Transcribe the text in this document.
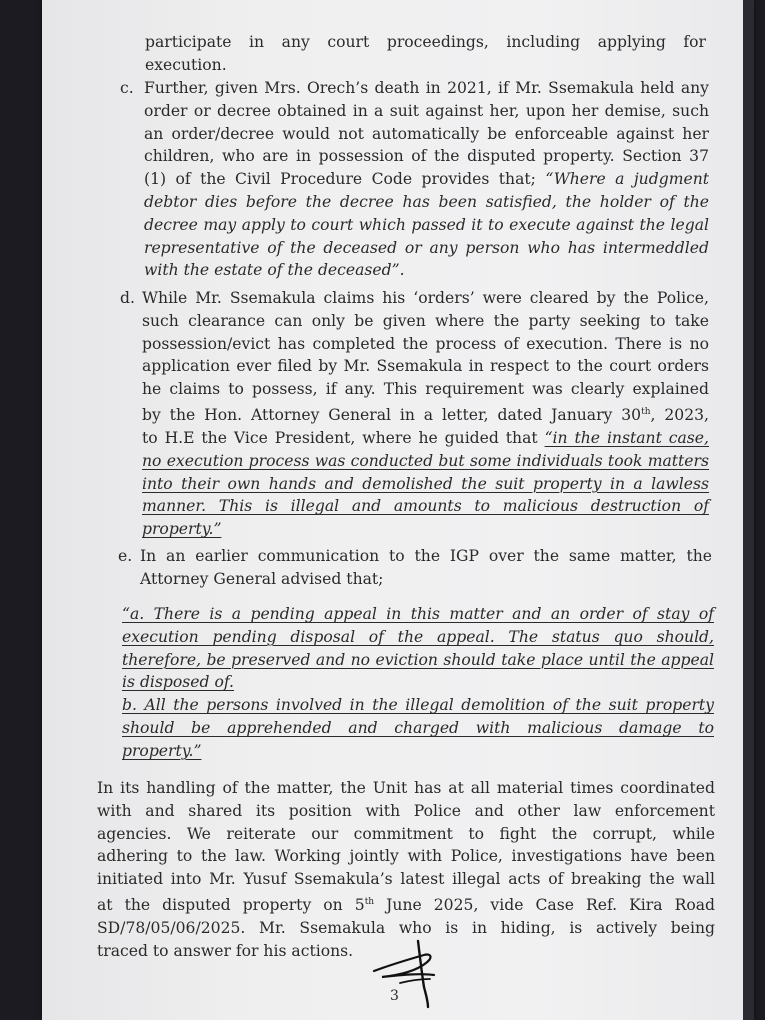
participate in any court proceedings, including applying for
execution.
c. Further, given Mrs. Orech’s death in 2021, if Mr. Ssemakula held any
order or decree obtained in a suit against her, upon her demise, such
an order/decree would not automatically be enforceable against her
children, who are in possession of the disputed property. Section 37
(1) of the Civil Procedure Code provides that; “Where a judgment
debtor dies before the decree has been satisfied, the holder of the
decree may apply to court which passed it to execute against the legal
representative of the deceased or any person who has intermeddled
with the estate of the deceased”.
d. While Mr. Ssemakula claims his ‘orders’ were cleared by the Police,
such clearance can only be given where the party seeking to take
possession/evict has completed the process of execution. There is no
application ever filed by Mr. Ssemakula in respect to the court orders
he claims to possess, if any. This requirement was clearly explained
by the Hon. Attorney General in a letter, dated January 30th, 2023,
to H.E the Vice President, where he guided that “in the instant case,
no execution process was conducted but some individuals took matters
into their own hands and demolished the suit property in a lawless
manner. This is illegal and amounts to malicious destruction of
property.”
e. In an earlier communication to the IGP over the same matter, the
Attorney General advised that;
“a. There is a pending appeal in this matter and an order of stay of
execution pending disposal of the appeal. The status quo should,
therefore, be preserved and no eviction should take place until the appeal
is disposed of.
b. All the persons involved in the illegal demolition of the suit property
should be apprehended and charged with malicious damage to
property.”
In its handling of the matter, the Unit has at all material times coordinated
with and shared its position with Police and other law enforcement
agencies. We reiterate our commitment to fight the corrupt, while
adhering to the law. Working jointly with Police, investigations have been
initiated into Mr. Yusuf Ssemakula’s latest illegal acts of breaking the wall
at the disputed property on 5th June 2025, vide Case Ref. Kira Road
SD/78/05/06/2025. Mr. Ssemakula who is in hiding, is actively being
traced to answer for his actions.
3
